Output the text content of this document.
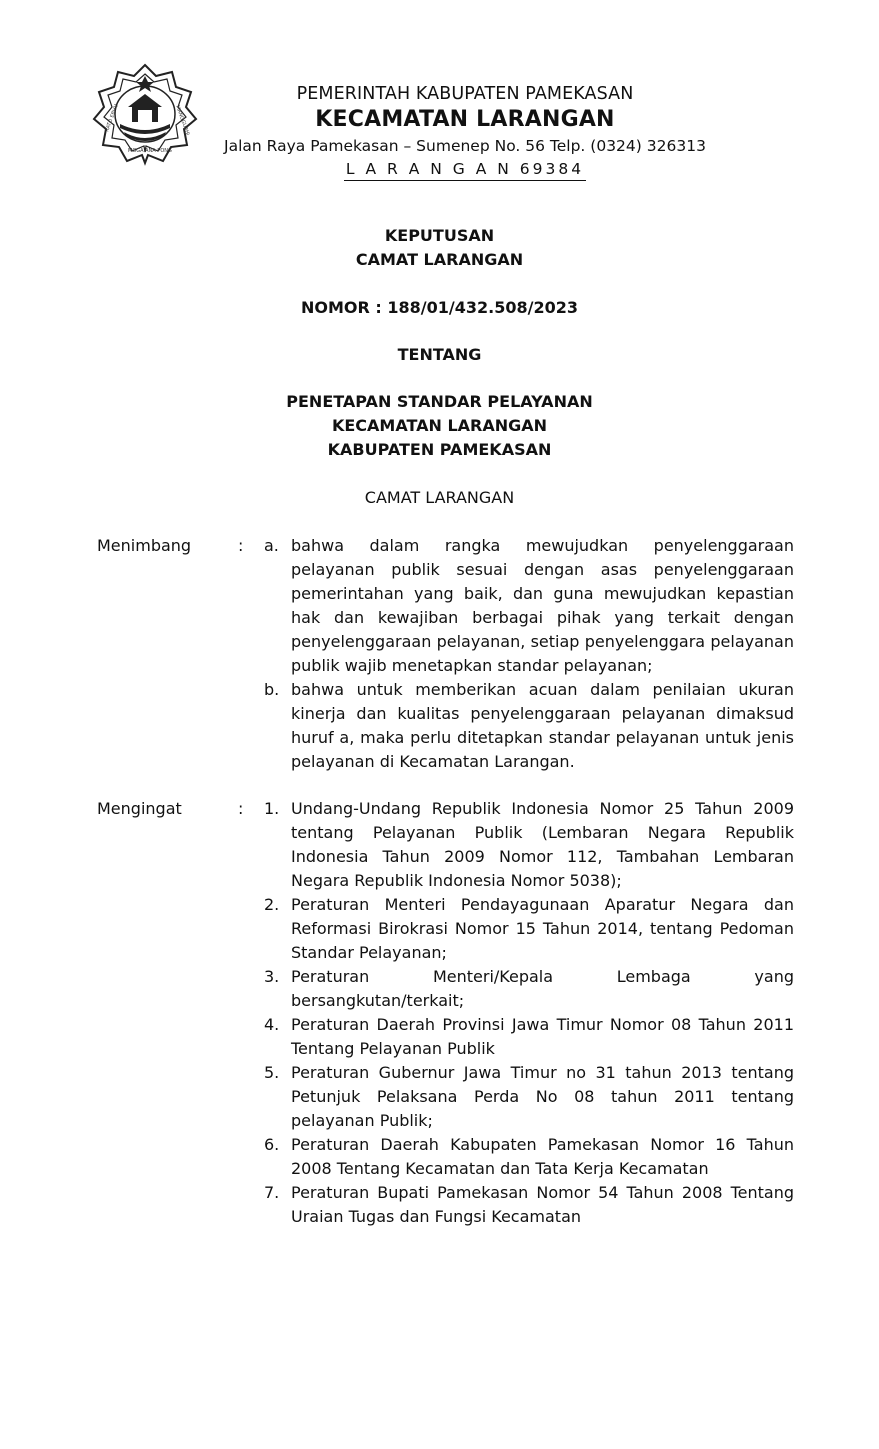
RATO EBHU	MANGGUBHI
MOGA ANA PONG
PEMERINTAH KABUPATEN PAMEKASAN
KECAMATAN LARANGAN
Jalan Raya Pamekasan – Sumenep No. 56 Telp. (0324) 326313
L A R A N G A N 69384
KEPUTUSAN
CAMAT LARANGAN
NOMOR : 188/01/432.508/2023
TENTANG
PENETAPAN STANDAR PELAYANAN
KECAMATAN LARANGAN
KABUPATEN PAMEKASAN
CAMAT LARANGAN
Menimbang	: a. bahwa dalam rangka mewujudkan penyelenggaraan pelayanan publik sesuai dengan asas penyelenggaraan pemerintahan yang baik, dan guna mewujudkan kepastian hak dan kewajiban berbagai pihak yang terkait dengan penyelenggaraan pelayanan, setiap penyelenggara pelayanan publik wajib menetapkan standar pelayanan;
b. bahwa untuk memberikan acuan dalam penilaian ukuran kinerja dan kualitas penyelenggaraan pelayanan dimaksud huruf a, maka perlu ditetapkan standar pelayanan untuk jenis pelayanan di Kecamatan Larangan.
Mengingat	: 1. Undang-Undang Republik Indonesia Nomor 25 Tahun 2009 tentang Pelayanan Publik (Lembaran Negara Republik Indonesia Tahun 2009 Nomor 112, Tambahan Lembaran Negara Republik Indonesia Nomor 5038);
2. Peraturan Menteri Pendayagunaan Aparatur Negara dan Reformasi Birokrasi Nomor 15 Tahun 2014, tentang Pedoman Standar Pelayanan;
3. Peraturan Menteri/Kepala Lembaga yang bersangkutan/terkait;
4. Peraturan Daerah Provinsi Jawa Timur Nomor 08 Tahun 2011 Tentang Pelayanan Publik
5. Peraturan Gubernur Jawa Timur no 31 tahun 2013 tentang Petunjuk Pelaksana Perda No 08 tahun 2011 tentang pelayanan Publik;
6. Peraturan Daerah Kabupaten Pamekasan Nomor 16 Tahun 2008 Tentang Kecamatan dan Tata Kerja Kecamatan
7. Peraturan Bupati Pamekasan Nomor 54 Tahun 2008 Tentang Uraian Tugas dan Fungsi Kecamatan
